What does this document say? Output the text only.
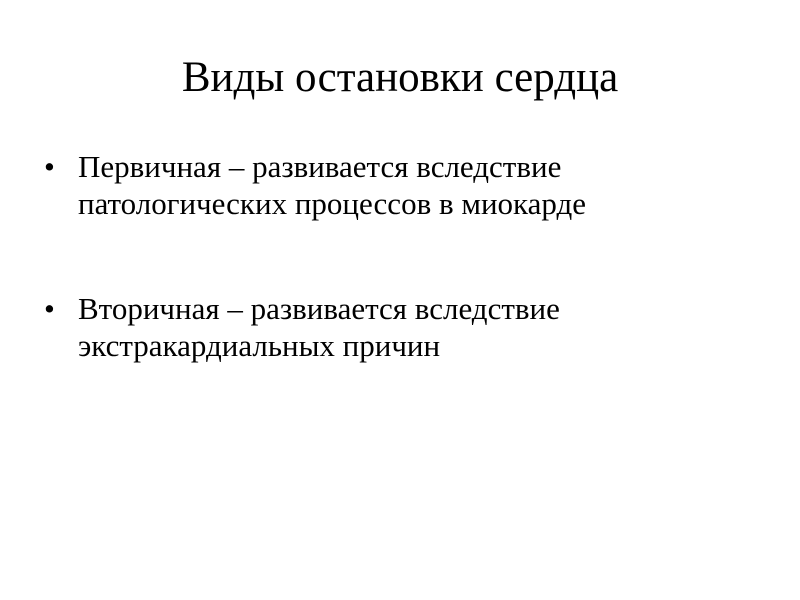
Виды остановки сердца
• Первичная – развивается вследствие
патологических процессов в миокарде
• Вторичная – развивается вследствие
экстракардиальных причин
